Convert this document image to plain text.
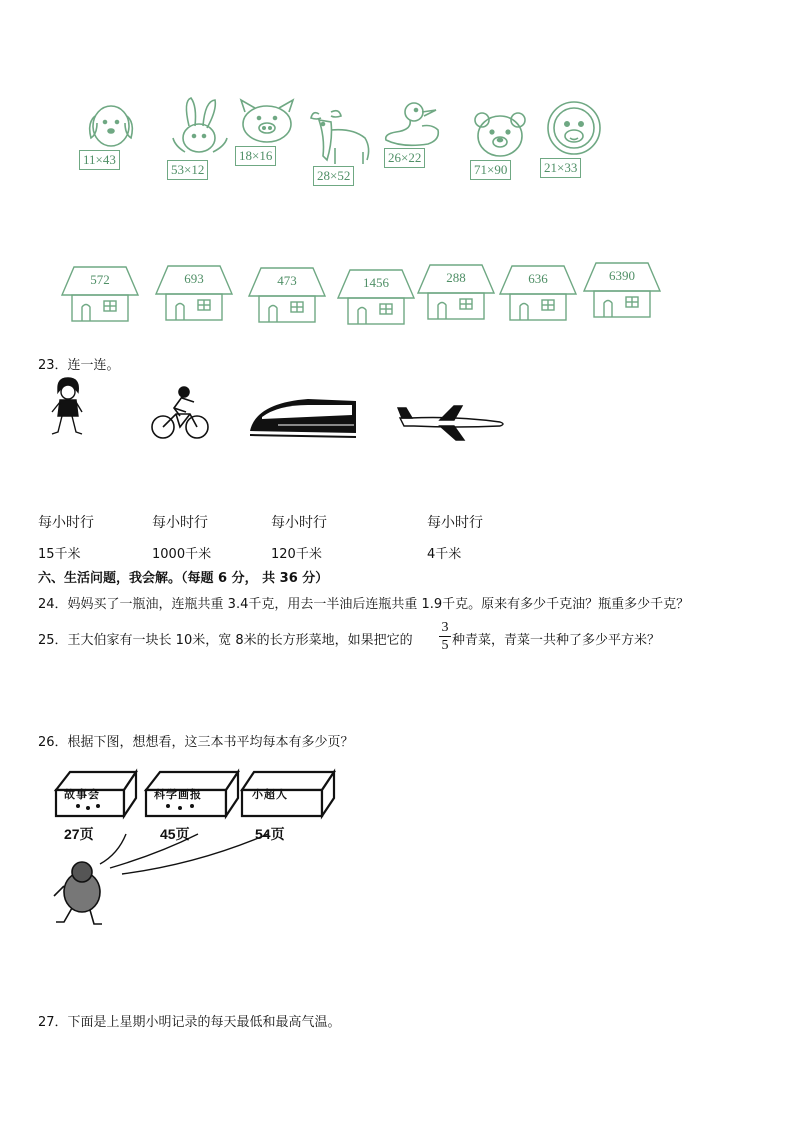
11×43
53×12
18×16
28×52
26×22
71×90	21×33
572	693	473	1456	288	636	6390
23．连一连。
每小时行	每小时行	每小时行	每小时行
15千米	1000千米	120千米	4千米
六、生活问题，我会解。（每题 6 分， 共 36 分）
24．妈妈买了一瓶油，连瓶共重 3.4千克，用去一半油后连瓶共重 1.9千克。原来有多少千克油？瓶重多少千克？
25．王大伯家有一块长 10米，宽 8米的长方形菜地，如果把它的
3
5 种青菜，青菜一共种了多少平方米？
26．根据下图，想想看，这三本书平均每本有多少页？
故事会	科学画报	小超人
27页	45页	54页
27．下面是上星期小明记录的每天最低和最高气温。
